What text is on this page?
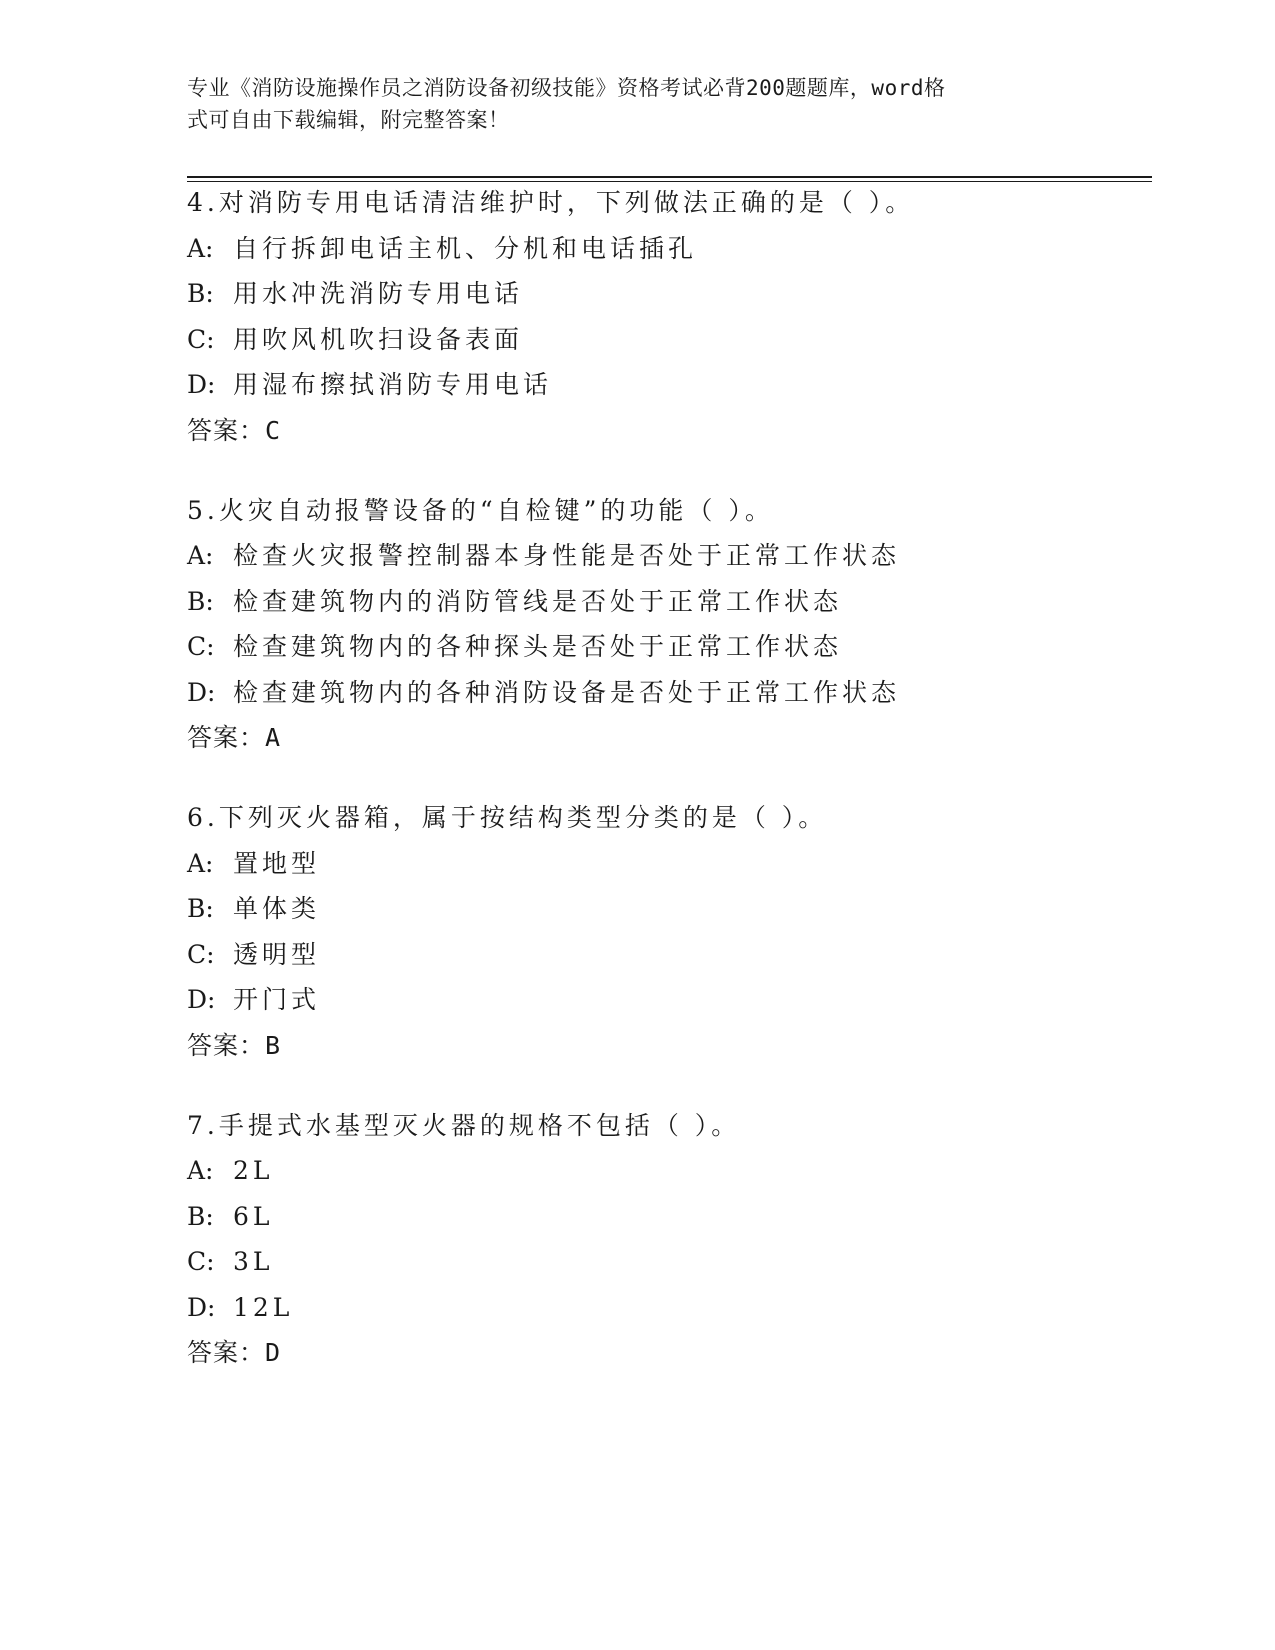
专业《消防设施操作员之消防设备初级技能》资格考试必背200题题库，word格
式可自由下载编辑，附完整答案！
4.对消防专用电话清洁维护时，下列做法正确的是（ ）。
A: 自行拆卸电话主机、分机和电话插孔
B: 用水冲洗消防专用电话
C: 用吹风机吹扫设备表面
D: 用湿布擦拭消防专用电话
答案：C
5.火灾自动报警设备的“自检键”的功能（ ）。
A: 检查火灾报警控制器本身性能是否处于正常工作状态
B: 检查建筑物内的消防管线是否处于正常工作状态
C: 检查建筑物内的各种探头是否处于正常工作状态
D: 检查建筑物内的各种消防设备是否处于正常工作状态
答案：A
6.下列灭火器箱，属于按结构类型分类的是（ ）。
A: 置地型
B: 单体类
C: 透明型
D: 开门式
答案：B
7.手提式水基型灭火器的规格不包括（ ）。
A: 2L
B: 6L
C: 3L
D: 12L
答案：D
